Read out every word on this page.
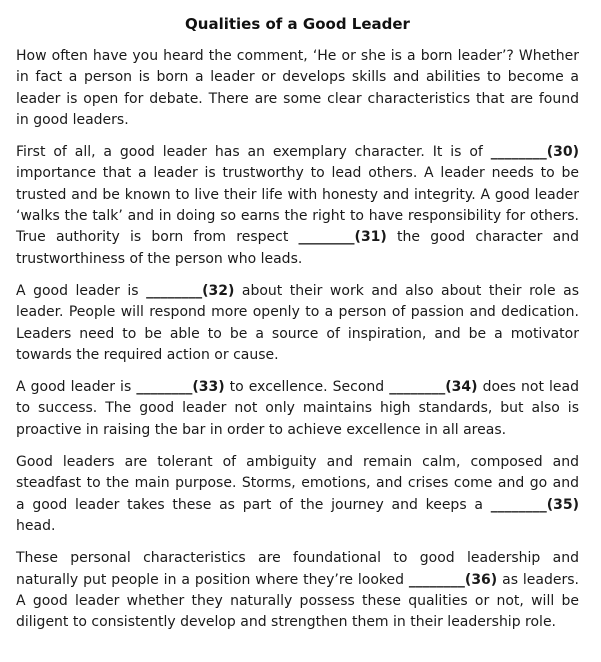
Qualities of a Good Leader

How often have you heard the comment, ‘He or she is a born leader’? Whether in fact a person is born a leader or develops skills and abilities to become a leader is open for debate. There are some clear characteristics that are found in good leaders.

First of all, a good leader has an exemplary character. It is of ________(30) importance that a leader is trustworthy to lead others. A leader needs to be trusted and be known to live their life with honesty and integrity. A good leader ‘walks the talk’ and in doing so earns the right to have responsibility for others. True authority is born from respect ________(31) the good character and trustworthiness of the person who leads.

A good leader is ________(32) about their work and also about their role as leader. People will respond more openly to a person of passion and dedication. Leaders need to be able to be a source of inspiration, and be a motivator towards the required action or cause.

A good leader is ________(33) to excellence. Second ________(34) does not lead to success. The good leader not only maintains high standards, but also is proactive in raising the bar in order to achieve excellence in all areas.

Good leaders are tolerant of ambiguity and remain calm, composed and steadfast to the main purpose. Storms, emotions, and crises come and go and a good leader takes these as part of the journey and keeps a ________(35) head.

These personal characteristics are foundational to good leadership and naturally put people in a position where they’re looked ________(36) as leaders. A good leader whether they naturally possess these qualities or not, will be diligent to consistently develop and strengthen them in their leadership role.
